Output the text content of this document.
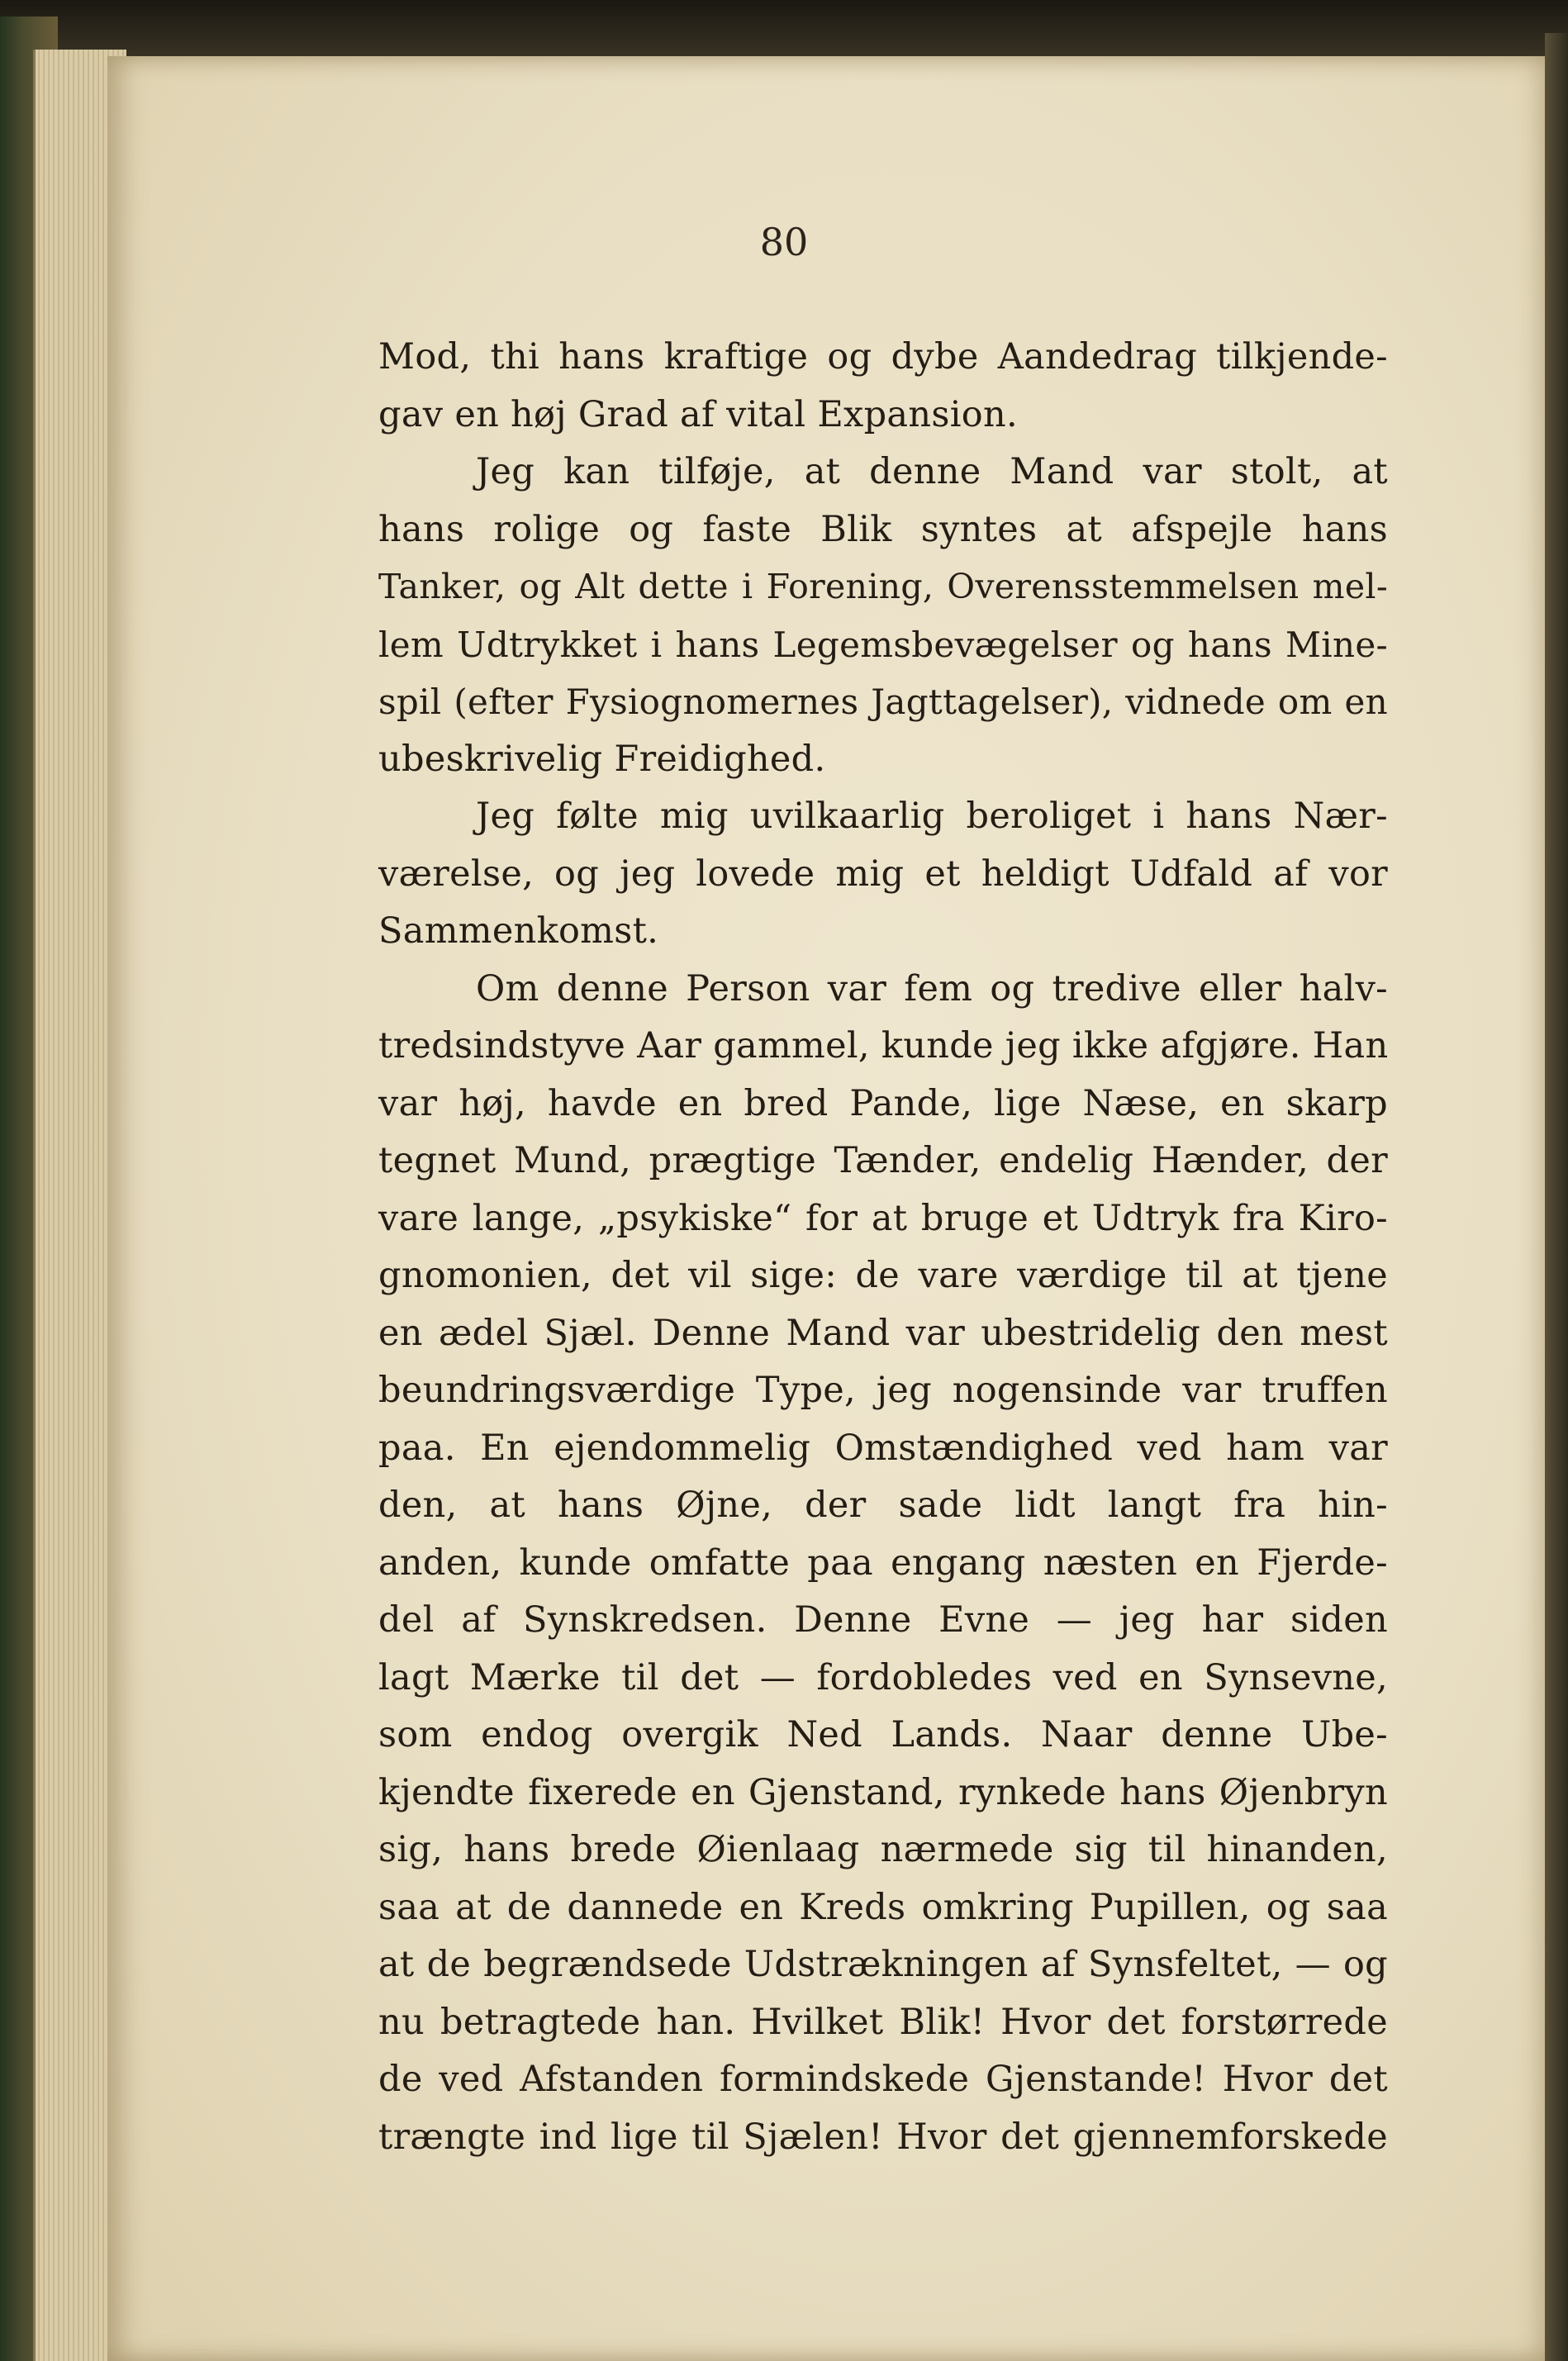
80

Mod, thi hans kraftige og dybe Aandedrag tilkjende-
gav en høj Grad af vital Expansion.
Jeg kan tilføje, at denne Mand var stolt, at
hans rolige og faste Blik syntes at afspejle hans
Tanker, og Alt dette i Forening, Overensstemmelsen mel-
lem Udtrykket i hans Legemsbevægelser og hans Mine-
spil (efter Fysiognomernes Jagttagelser), vidnede om en
ubeskrivelig Freidighed.
Jeg følte mig uvilkaarlig beroliget i hans Nær-
værelse, og jeg lovede mig et heldigt Udfald af vor
Sammenkomst.
Om denne Person var fem og tredive eller halv-
tredsindstyve Aar gammel, kunde jeg ikke afgjøre. Han
var høj, havde en bred Pande, lige Næse, en skarp
tegnet Mund, prægtige Tænder, endelig Hænder, der
vare lange, „psykiske“ for at bruge et Udtryk fra Kiro-
gnomonien, det vil sige: de vare værdige til at tjene
en ædel Sjæl. Denne Mand var ubestridelig den mest
beundringsværdige Type, jeg nogensinde var truffen
paa. En ejendommelig Omstændighed ved ham var
den, at hans Øjne, der sade lidt langt fra hin-
anden, kunde omfatte paa engang næsten en Fjerde-
del af Synskredsen. Denne Evne — jeg har siden
lagt Mærke til det — fordobledes ved en Synsevne,
som endog overgik Ned Lands. Naar denne Ube-
kjendte fixerede en Gjenstand, rynkede hans Øjenbryn
sig, hans brede Øienlaag nærmede sig til hinanden,
saa at de dannede en Kreds omkring Pupillen, og saa
at de begrændsede Udstrækningen af Synsfeltet, — og
nu betragtede han. Hvilket Blik! Hvor det forstørrede
de ved Afstanden formindskede Gjenstande! Hvor det
trængte ind lige til Sjælen! Hvor det gjennemforskede
